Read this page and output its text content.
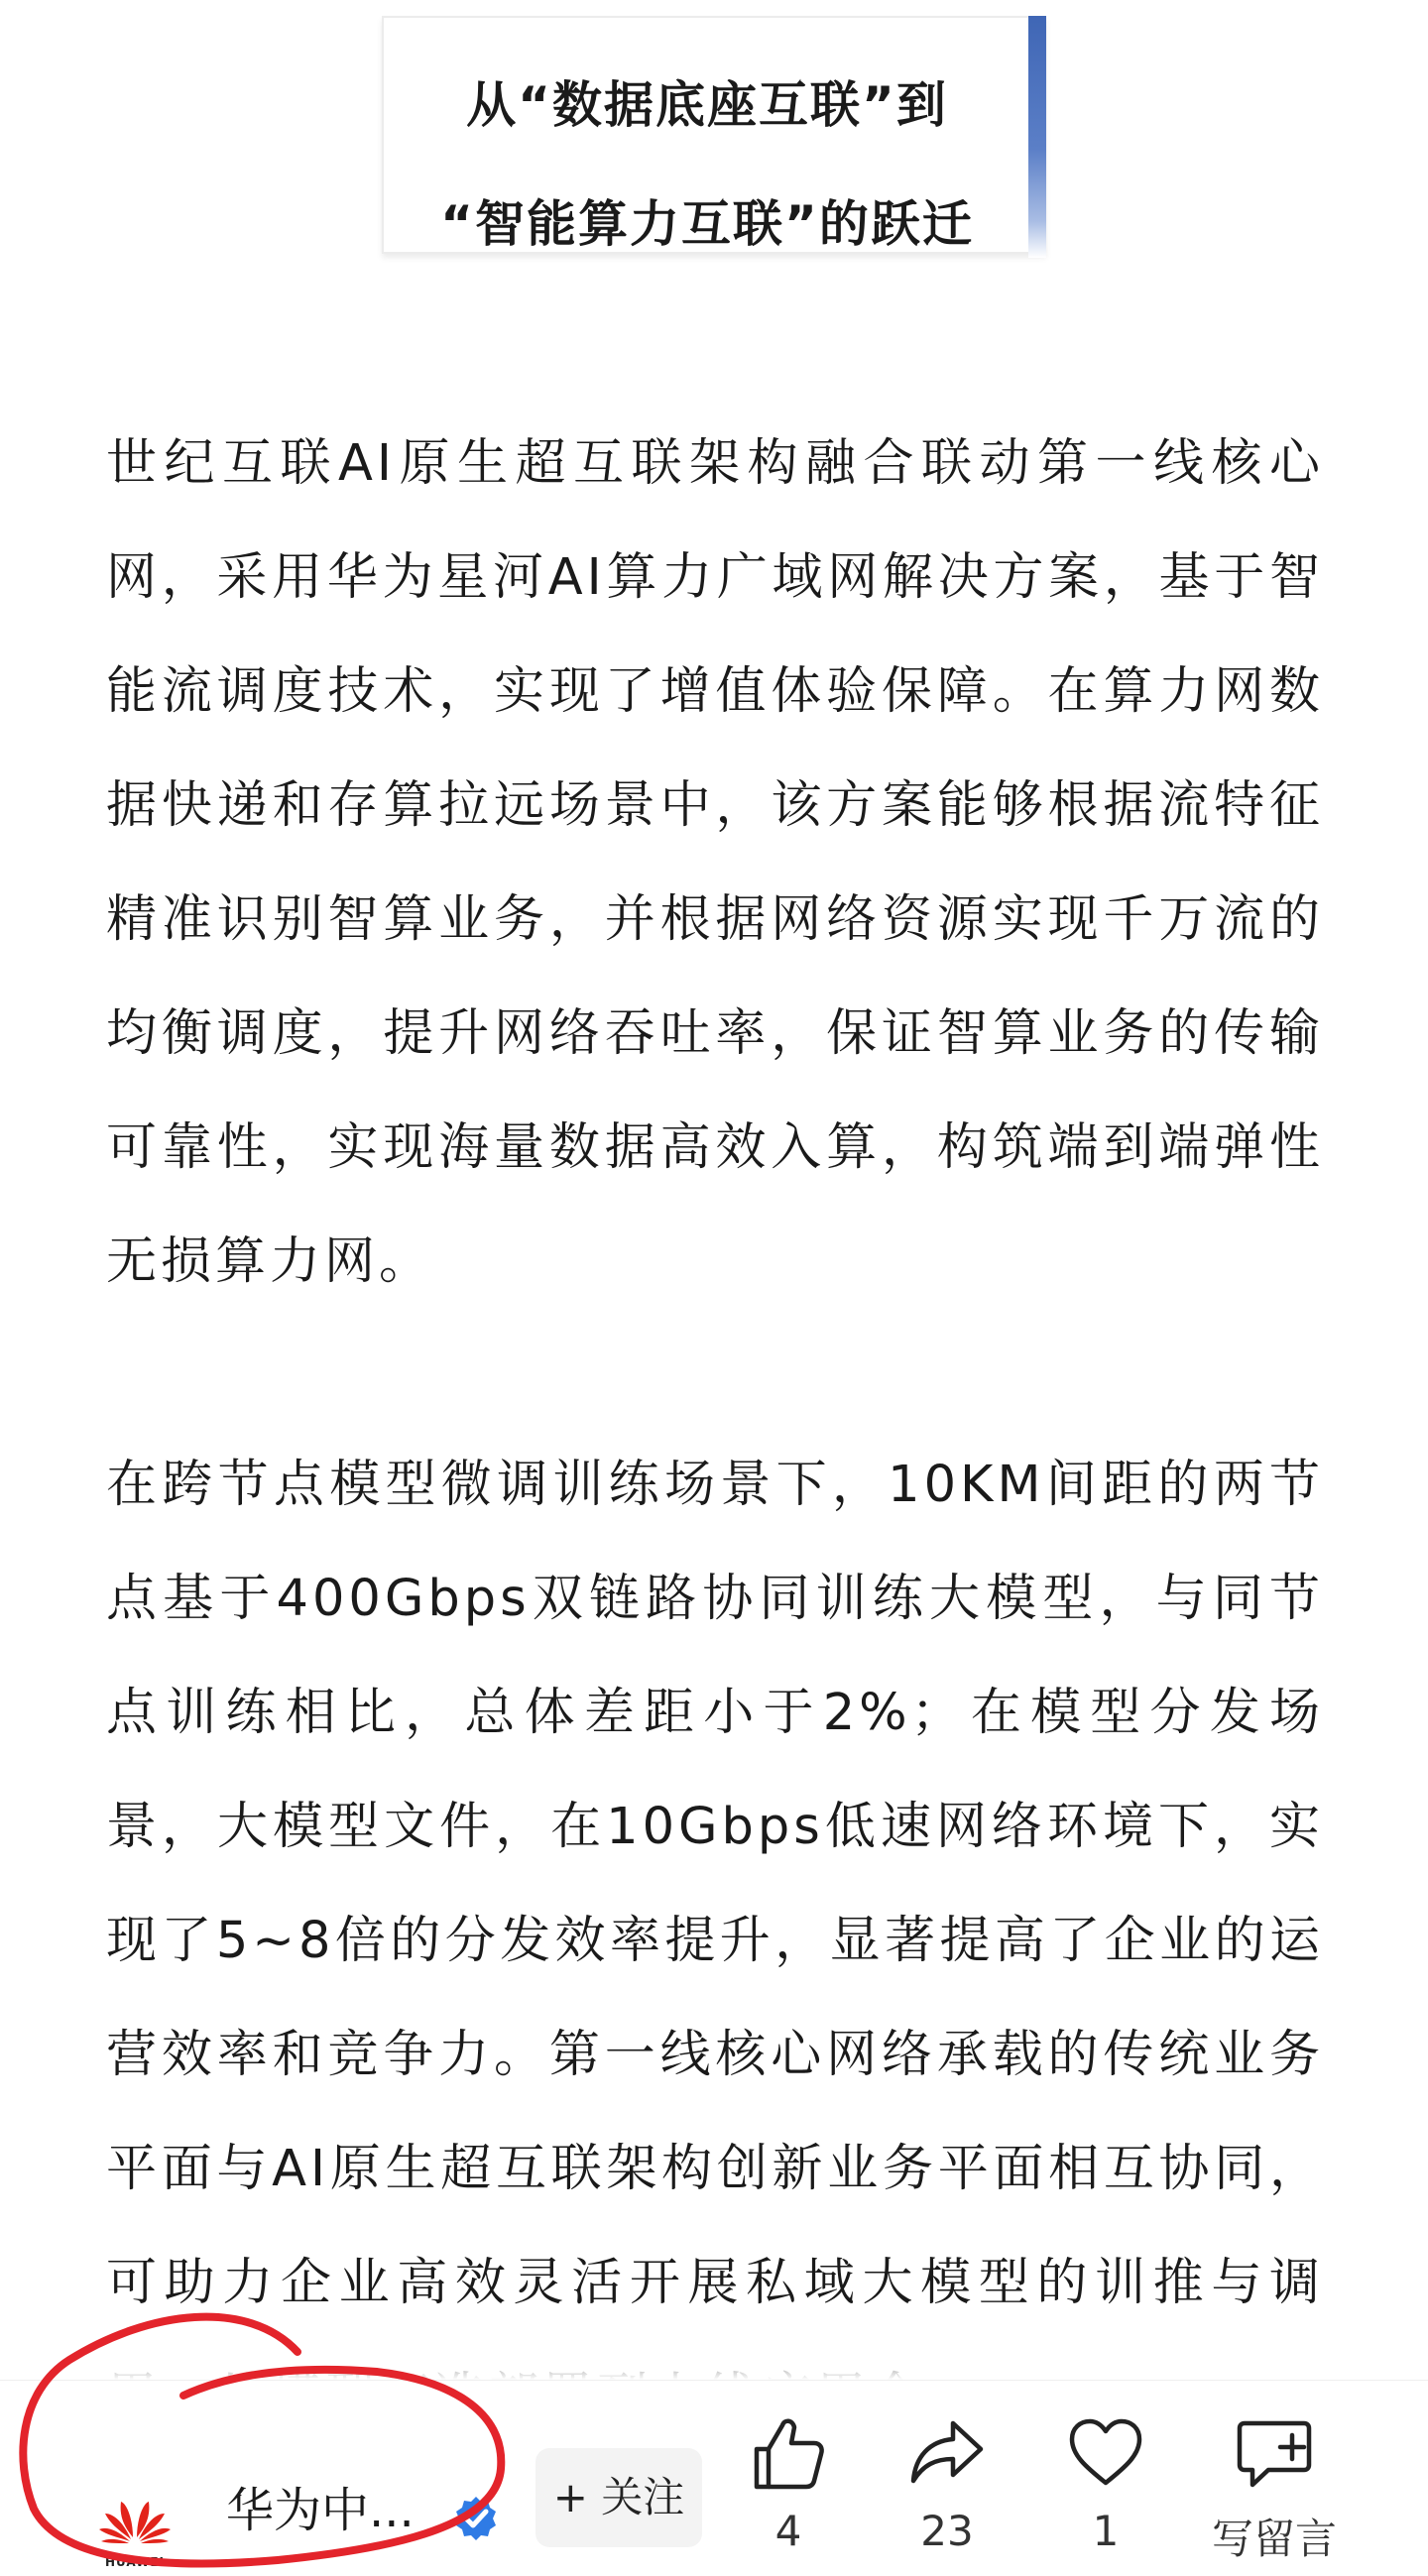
从“数据底座互联”到
“智能算力互联”的跃迁

世纪互联AI原生超互联架构融合联动第一线核心网，采用华为星河AI算力广域网解决方案，基于智能流调度技术，实现了增值体验保障。在算力网数据快递和存算拉远场景中，该方案能够根据流特征精准识别智算业务，并根据网络资源实现千万流的均衡调度，提升网络吞吐率，保证智算业务的传输可靠性，实现海量数据高效入算，构筑端到端弹性无损算力网。

在跨节点模型微调训练场景下，10KM间距的两节点基于400Gbps双链路协同训练大模型，与同节点训练相比，总体差距小于2%；在模型分发场景，大模型文件，在10Gbps低速网络环境下，实现了5~8倍的分发效率提升，显著提高了企业的运营效率和竞争力。第一线核心网络承载的传统业务平面与AI原生超互联架构创新业务平面相互协同，可助力企业高效灵活开展私域大模型的训推与调

HUAWEI
华为中...	+ 关注
4	23	1	写留言
